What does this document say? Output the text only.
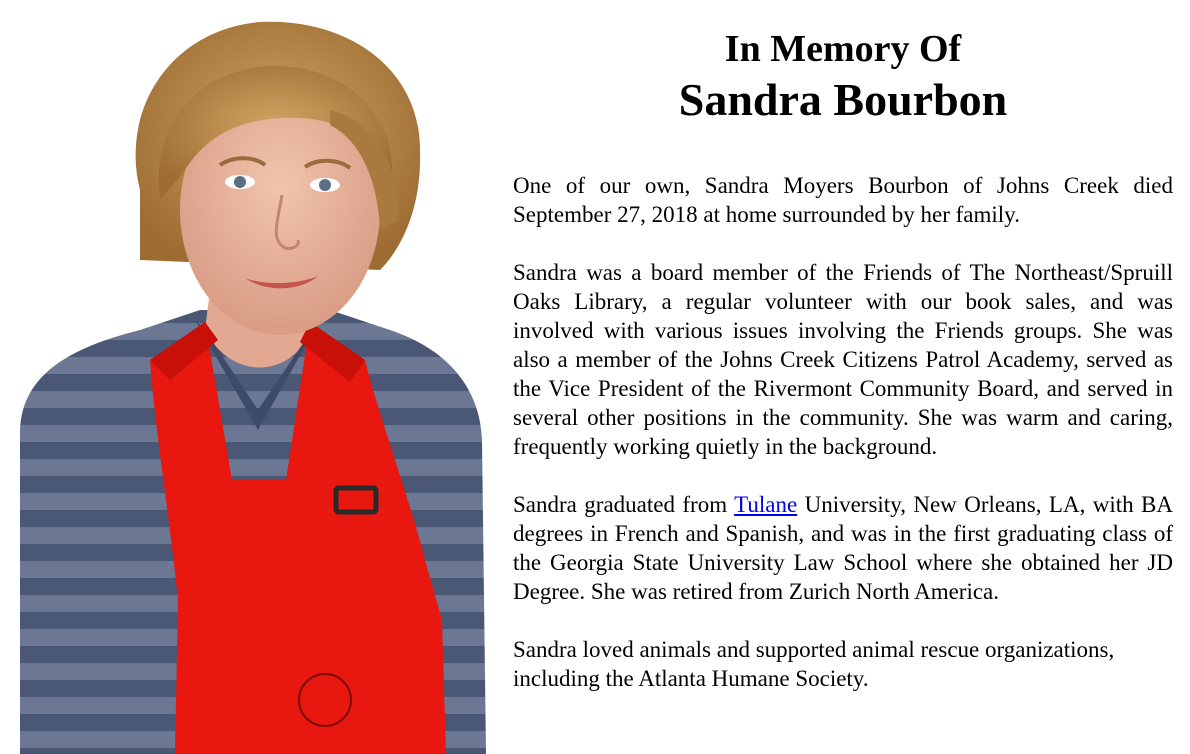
In Memory Of
Sandra Bourbon

One of our own, Sandra Moyers Bourbon of Johns Creek died September 27, 2018 at home surrounded by her family.

Sandra was a board member of the Friends of The Northeast/Spruill Oaks Library, a regular volunteer with our book sales, and was involved with various issues involving the Friends groups. She was also a member of the Johns Creek Citizens Patrol Academy, served as the Vice President of the Rivermont Community Board, and served in several other positions in the community. She was warm and caring, frequently working quietly in the background.

Sandra graduated from Tulane University, New Orleans, LA, with BA degrees in French and Spanish, and was in the first graduating class of the Georgia State University Law School where she obtained her JD Degree. She was retired from Zurich North America.

Sandra loved animals and supported animal rescue organizations, including the Atlanta Humane Society.
